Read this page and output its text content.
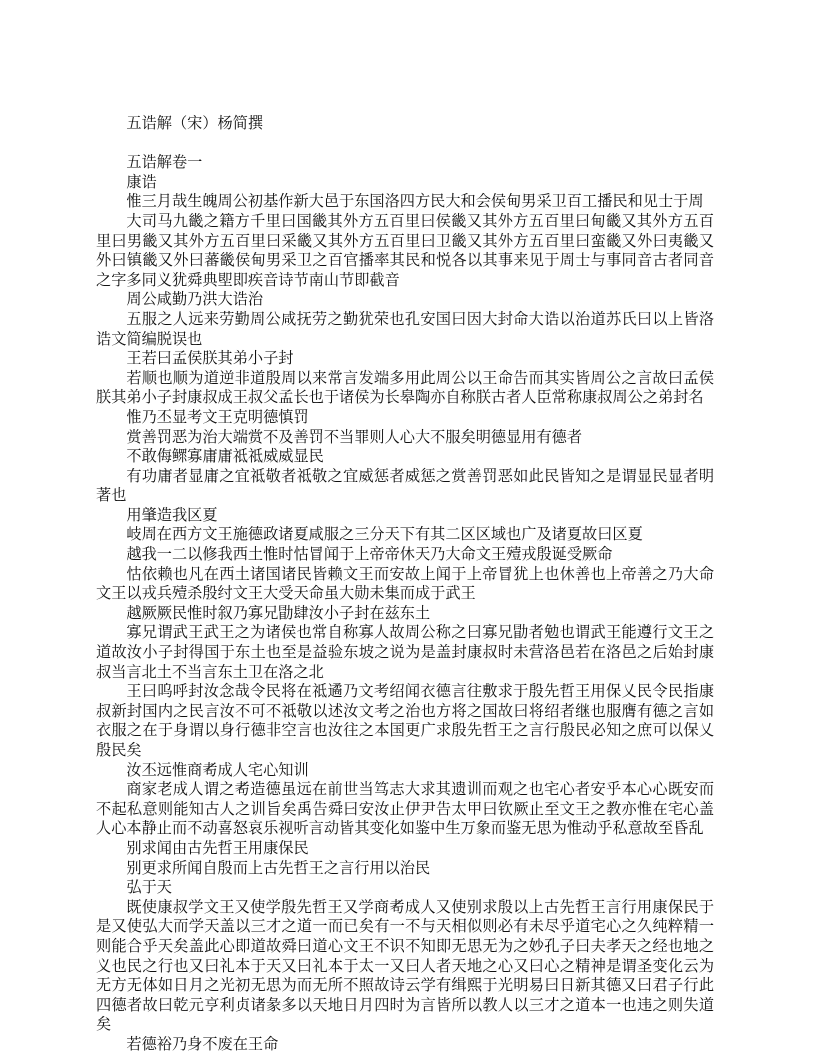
五诰解（宋）杨简撰

五诰解卷一

康诰

惟三月哉生魄周公初基作新大邑于东国洛四方民大和会侯甸男采卫百工播民和见士于周

大司马九畿之籍方千里曰国畿其外方五百里曰侯畿又其外方五百里曰甸畿又其外方五百里曰男畿又其外方五百里曰采畿又其外方五百里曰卫畿又其外方五百里曰蛮畿又外曰夷畿又外曰镇畿又外曰蕃畿侯甸男采卫之百官播率其民和悦各以其事来见于周士与事同音古者同音之字多同义犹舜典堲即疾音诗节南山节即截音

周公咸勤乃洪大诰治

五服之人远来劳勤周公咸抚劳之勤犹荣也孔安国曰因大封命大诰以治道苏氏曰以上皆洛诰文简编脱误也

王若曰孟侯朕其弟小子封

若顺也顺为道逆非道殷周以来常言发端多用此周公以王命告而其实皆周公之言故曰孟侯朕其弟小子封康叔成王叔父孟长也于诸侯为长皋陶亦自称朕古者人臣常称康叔周公之弟封名

惟乃丕显考文王克明德慎罚

赏善罚恶为治大端赏不及善罚不当罪则人心大不服矣明德显用有德者

不敢侮鳏寡庸庸祗祗威威显民

有功庸者显庸之宜祗敬者祗敬之宜威惩者威惩之赏善罚恶如此民皆知之是谓显民显者明著也

用肇造我区夏

岐周在西方文王施德政诸夏咸服之三分天下有其二区区域也广及诸夏故曰区夏

越我一二以修我西土惟时怙冒闻于上帝帝休天乃大命文王殪戎殷诞受厥命

怙依赖也凡在西土诸国诸民皆赖文王而安故上闻于上帝冒犹上也休善也上帝善之乃大命文王以戎兵殪杀殷纣文王大受天命虽大勋未集而成于武王

越厥厥民惟时叙乃寡兄勖肆汝小子封在兹东土

寡兄谓武王武王之为诸侯也常自称寡人故周公称之曰寡兄勖者勉也谓武王能遵行文王之道故汝小子封得国于东土也至是益验东坡之说为是盖封康叔时未营洛邑若在洛邑之后始封康叔当言北土不当言东土卫在洛之北

王曰呜呼封汝念哉令民将在祗遹乃文考绍闻衣德言往敷求于殷先哲王用保乂民令民指康叔新封国内之民言汝不可不祗敬以述汝文考之治也方将之国故曰将绍者继也服膺有德之言如衣服之在于身谓以身行德非空言也汝往之本国更广求殷先哲王之言行殷民必知之庶可以保乂殷民矣

汝丕远惟商耇成人宅心知训

商家老成人谓之耇造德虽远在前世当笃志大求其遗训而观之也宅心者安乎本心心既安而不起私意则能知古人之训旨矣禹告舜曰安汝止伊尹告太甲曰钦厥止至文王之教亦惟在宅心盖人心本静止而不动喜怒哀乐视听言动皆其变化如鉴中生万象而鉴无思为惟动乎私意故至昏乱

别求闻由古先哲王用康保民

别更求所闻自殷而上古先哲王之言行用以治民

弘于天

既使康叔学文王又使学殷先哲王又学商耇成人又使别求殷以上古先哲王言行用康保民于是又使弘大而学天盖以三才之道一而已矣有一不与天相似则必有未尽乎道宅心之久纯粹精一则能合乎天矣盖此心即道故舜曰道心文王不识不知即无思无为之妙孔子曰夫孝天之经也地之义也民之行也又曰礼本于天又曰礼本于太一又曰人者天地之心又曰心之精神是谓圣变化云为无方无体如日月之光初无思为而无所不照故诗云学有缉熙于光明易曰日新其德又曰君子行此四德者故曰乾元亨利贞诸彖多以天地日月四时为言皆所以教人以三才之道本一也违之则失道矣

若德裕乃身不废在王命
